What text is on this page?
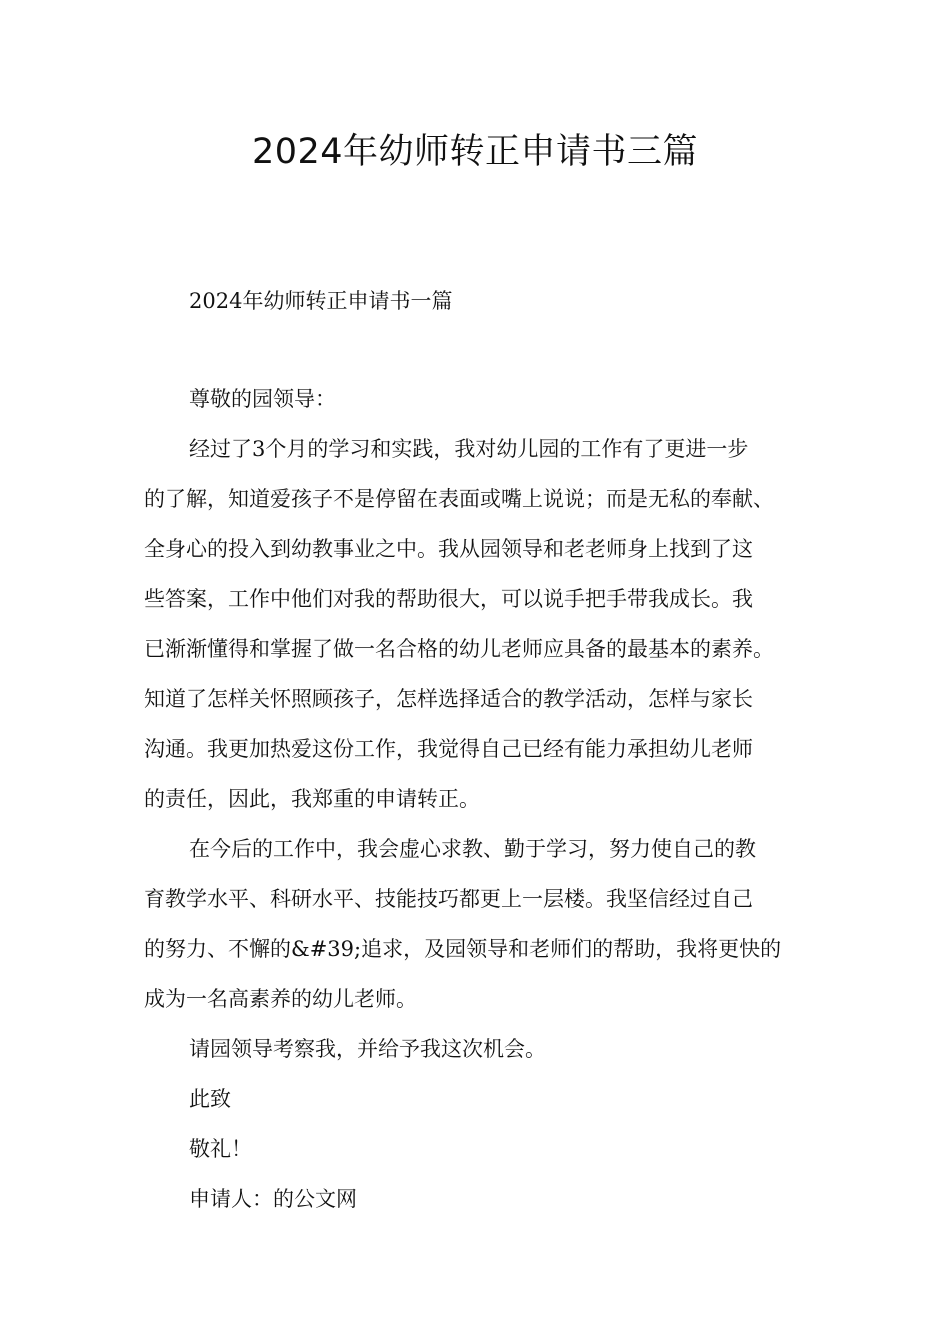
2024年幼师转正申请书三篇

2024年幼师转正申请书一篇

尊敬的园领导：

经过了3个月的学习和实践，我对幼儿园的工作有了更进一步

的了解，知道爱孩子不是停留在表面或嘴上说说；而是无私的奉献、

全身心的投入到幼教事业之中。我从园领导和老老师身上找到了这

些答案，工作中他们对我的帮助很大，可以说手把手带我成长。我

已渐渐懂得和掌握了做一名合格的幼儿老师应具备的最基本的素养。

知道了怎样关怀照顾孩子，怎样选择适合的教学活动，怎样与家长

沟通。我更加热爱这份工作，我觉得自己已经有能力承担幼儿老师

的责任，因此，我郑重的申请转正。

在今后的工作中，我会虚心求教、勤于学习，努力使自己的教

育教学水平、科研水平、技能技巧都更上一层楼。我坚信经过自己

的努力、不懈的&#39;追求，及园领导和老师们的帮助，我将更快的

成为一名高素养的幼儿老师。

请园领导考察我，并给予我这次机会。

此致

敬礼！

申请人：的公文网
